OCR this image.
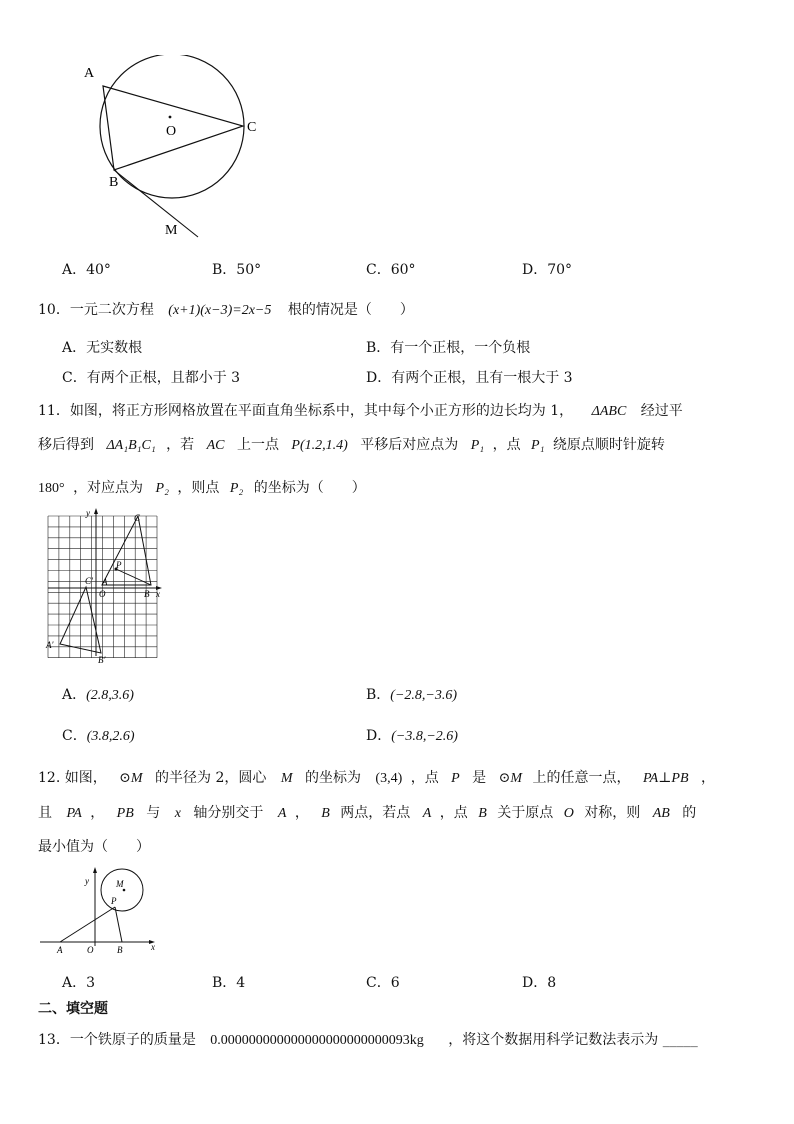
A
O	C
B
M
A．40°	B．50°	C．60°	D．70°
10．一元二次方程 (x+1)(x−3)=2x−5 根的情况是（　　）
A．无实数根	B．有一个正根，一个负根
C．有两个正根，且都小于 3	D．有两个正根，且有一根大于 3
11．如图，将正方形网格放置在平面直角坐标系中，其中每个小正方形的边长均为 1， ΔABC 经过平
移后得到 ΔA₁B₁C₁ ，若 AC 上一点 P(1.2,1.4) 平移后对应点为 P₁ ，点 P₁ 绕原点顺时针旋转
180° ，对应点为 P₂ ，则点 P₂ 的坐标为（　　）
y	C
P
C′ A
O	B x
A′
B′
A．(2.8,3.6)	B．(−2.8,−3.6)
C．(3.8,2.6)	D．(−3.8,−2.6)
12. 如图， ⊙M 的半径为 2，圆心 M 的坐标为 (3,4) ，点 P 是 ⊙M 上的任意一点， PA⊥PB ，
且 PA ， PB 与 x 轴分别交于 A ， B 两点，若点 A ，点 B 关于原点 O 对称，则 AB 的
最小值为（　　）
y	M
P
A	O	B	x
A．3	B．4	C．6	D．8
二、填空题
13．一个铁原子的质量是 0.000000000000000000000000093kg ，将这个数据用科学记数法表示为 _____
